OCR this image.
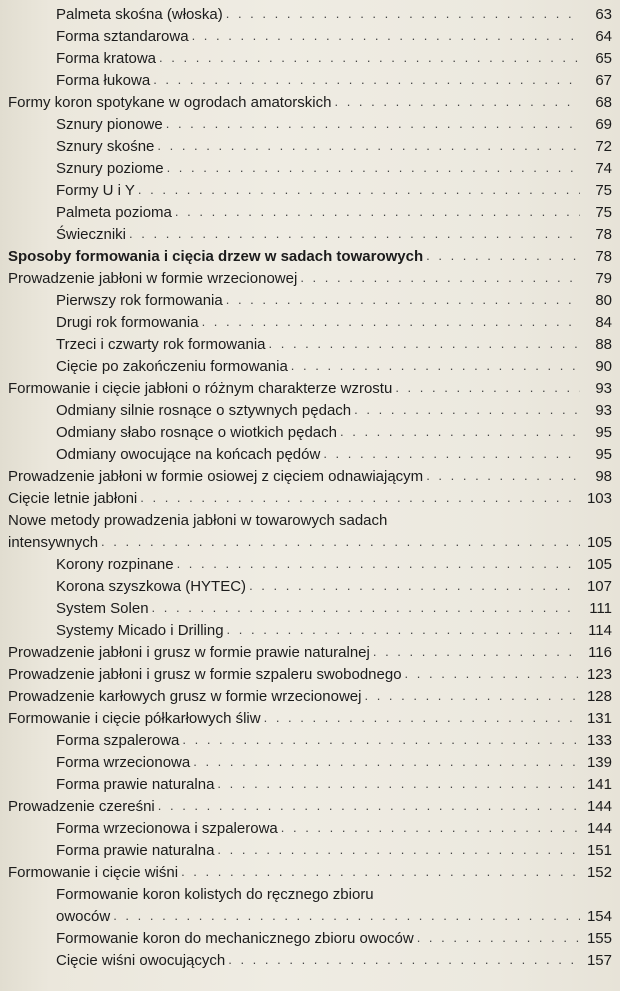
Palmeta skośna (włoska) . . .	63
Forma sztandarowa . . .	64
Forma kratowa . . .	65
Forma łukowa . . .	67
Formy koron spotykane w ogrodach amatorskich . . .	68
Sznury pionowe . . .	69
Sznury skośne . . .	72
Sznury poziome . . .	74
Formy U i Y . . .	75
Palmeta pozioma . . .	75
Świeczniki . . .	78
Sposoby formowania i cięcia drzew w sadach towarowych . . .	78
Prowadzenie jabłoni w formie wrzecionowej . . .	79
Pierwszy rok formowania . . .	80
Drugi rok formowania . . .	84
Trzeci i czwarty rok formowania . . .	88
Cięcie po zakończeniu formowania . . .	90
Formowanie i cięcie jabłoni o różnym charakterze wzrostu . . .	93
Odmiany silnie rosnące o sztywnych pędach . . .	93
Odmiany słabo rosnące o wiotkich pędach . . .	95
Odmiany owocujące na końcach pędów . . .	95
Prowadzenie jabłoni w formie osiowej z cięciem odnawiającym . . .	98
Cięcie letnie jabłoni . . .	103
Nowe metody prowadzenia jabłoni w towarowych sadach
intensywnych . . .	105
Korony rozpinane . . .	105
Korona szyszkowa (HYTEC) . . .	107
System Solen . . .	111
Systemy Micado i Drilling . . .	114
Prowadzenie jabłoni i grusz w formie prawie naturalnej . . .	116
Prowadzenie jabłoni i grusz w formie szpaleru swobodnego . . .	123
Prowadzenie karłowych grusz w formie wrzecionowej . . .	128
Formowanie i cięcie półkarłowych śliw . . .	131
Forma szpalerowa . . .	133
Forma wrzecionowa . . .	139
Forma prawie naturalna . . .	141
Prowadzenie czereśni . . .	144
Forma wrzecionowa i szpalerowa . . .	144
Forma prawie naturalna . . .	151
Formowanie i cięcie wiśni . . .	152
Formowanie koron kolistych do ręcznego zbioru
owoców . . .	154
Formowanie koron do mechanicznego zbioru owoców . . .	155
Cięcie wiśni owocujących . . .	157
